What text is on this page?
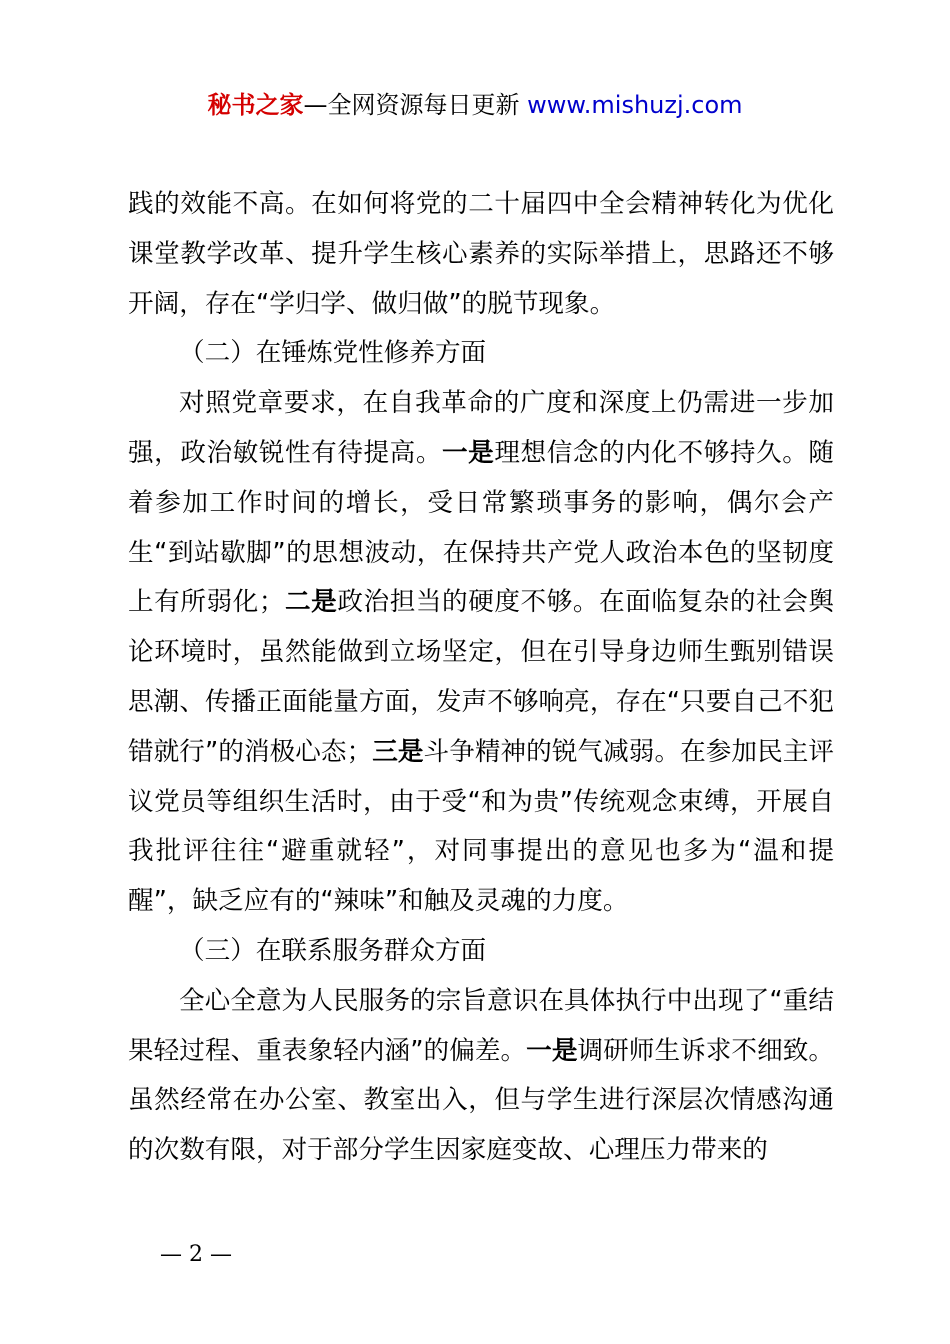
秘书之家—全网资源每日更新 www.mishuzj.com

践的效能不高。在如何将党的二十届四中全会精神转化为优化课堂教学改革、提升学生核心素养的实际举措上，思路还不够开阔，存在“学归学、做归做”的脱节现象。

（二）在锤炼党性修养方面

对照党章要求，在自我革命的广度和深度上仍需进一步加强，政治敏锐性有待提高。一是理想信念的内化不够持久。随着参加工作时间的增长，受日常繁琐事务的影响，偶尔会产生“到站歇脚”的思想波动，在保持共产党人政治本色的坚韧度上有所弱化；二是政治担当的硬度不够。在面临复杂的社会舆论环境时，虽然能做到立场坚定，但在引导身边师生甄别错误思潮、传播正面能量方面，发声不够响亮，存在“只要自己不犯错就行”的消极心态；三是斗争精神的锐气减弱。在参加民主评议党员等组织生活时，由于受“和为贵”传统观念束缚，开展自我批评往往“避重就轻”，对同事提出的意见也多为“温和提醒”，缺乏应有的“辣味”和触及灵魂的力度。

（三）在联系服务群众方面

全心全意为人民服务的宗旨意识在具体执行中出现了“重结果轻过程、重表象轻内涵”的偏差。一是调研师生诉求不细致。虽然经常在办公室、教室出入，但与学生进行深层次情感沟通的次数有限，对于部分学生因家庭变故、心理压力带来的

— 2 —
